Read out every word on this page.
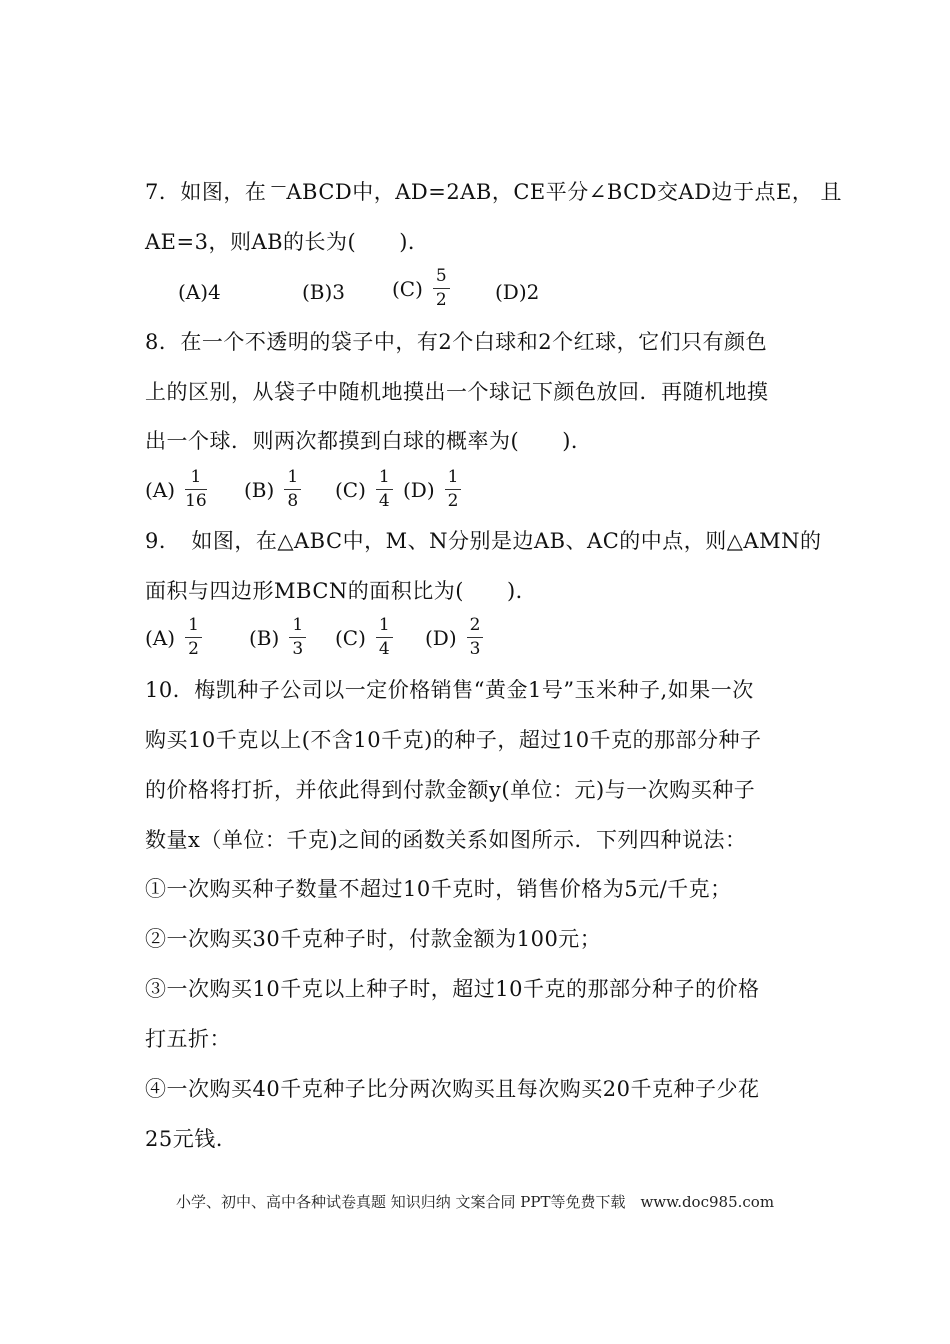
7．如图，在 ABCD中，AD=2AB，CE平分∠BCD交AD边于点E， 且
AE=3，则AB的长为(　　)．
(A)4	(B)3 $(C) \frac{5}{2} (D)2$
8．在一个不透明的袋子中，有2个白球和2个红球，它们只有颜色
上的区别，从袋子中随机地摸出一个球记下颜色放回．再随机地摸
出一个球．则两次都摸到白球的概率为(　　)．
$(A) \frac{1}{16} (B) \frac{1}{8} (C) \frac{1}{4} (D) \frac{1}{2}$
9．　如图，在△ABC中，M、N分别是边AB、AC的中点，则△AMN的
面积与四边形MBCN的面积比为(　　)．
$(A) \frac{1}{2} (B) \frac{1}{3} (C) \frac{1}{4} (D) \frac{2}{3}$
10．梅凯种子公司以一定价格销售“黄金1号”玉米种子,如果一次
购买10千克以上(不含10千克)的种子，超过10千克的那部分种子
的价格将打折，并依此得到付款金额y(单位：元)与一次购买种子
数量x（单位：千克)之间的函数关系如图所示．下列四种说法：
①一次购买种子数量不超过10千克时，销售价格为5元/千克；
②一次购买30千克种子时，付款金额为100元；
③一次购买10千克以上种子时，超过10千克的那部分种子的价格
打五折：
④一次购买40千克种子比分两次购买且每次购买20千克种子少花
25元钱.
小学、初中、高中各种试卷真题 知识归纳 文案合同 PPT等免费下载　www.doc985.com
